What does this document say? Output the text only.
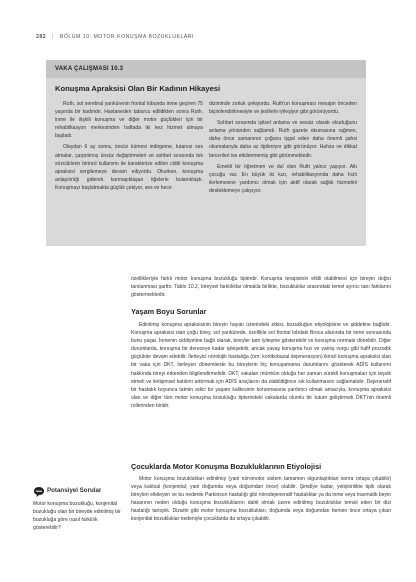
282 | BÖLÜM 10: MOTOR KONUŞMA BOZUKLUKLARI
VAKA ÇALIŞMASI 10.3
Konuşma Apraksisi Olan Bir Kadının Hikayesi

Ruth, sol serebral yarıkürenin frontal lobunda inme geçiren 75 yaşında bir kadındır. Hastaneden taburcu edildikten sonra Ruth, inme ile ilişkili konuşma ve diğer motor güçlükleri için bir rehabilitasyon merkezinden haftada iki kez hizmet almaya başladı.

Olaydan 6 ay sonra, ünsüz kümesi indirgeme, tutarsız ses atmalar, çarpıtılmış ünsüz değiştirmeleri ve sohbet sırasında tek sözcüklerin birincil kullanımı ile karakterize edilen ciddi konuşma apraksisi sergilemeye devam ediyordu. Okurken, konuşma anlaşılırlığı giderek karmaşıklaşan öğelerle bulanıklaştı. Konuşmayı başlatmakta güçlük çekiyor, ses ve hece

diziminde zorluk çekiyordu. Ruth'un konuşması mesajın önceden biçimlendirilmesiyle ve jestlerle iyileşiyor gibi görünüyordu.

Sohbet sırasında işitsel anlama ve sessiz olarak okuduğunu anlama yönünden sağlamdı. Ruth gazete okumasına rağmen, daha önce zamanının çoğunu işgal eden daha önemli şahsi okumalarıyla daha az ilgileniyor gibi görünüyor. Hafıza ve dikkat becerileri ise etkilenmemiş gibi görünmektedir.

Emekli bir öğretmen ve dul olan Ruth yalnız yaşıyor. Altı çocuğu var. En büyük iki kızı, rehabilitasyonda daha hızlı ilerlemesine yardımcı olmak için aktif olarak sağlık hizmetini desteklemeye çalışıyor.

özellikleriyle farklı motor konuşma bozukluğu tiplerdir. Konuşma terapisinin etkili olabilmesi için bireyin doğru tanılanması şarttır. Tablo 10.2, bireysel farklılıklar olmakla birlikte, bozukluklar arasındaki temel ayırıcı tanı farklarını göstermektedir.

Yaşam Boyu Sorunlar

Edinilmiş konuşma apraksisinin bireyin hayatı üzerindeki etkisi, bozukluğun etiyolojisine ve şiddetine bağlıdır. Konuşma apraksisi olan çoğu birey, sol yarıkürede, özellikle sol frontal lobdaki Broca alanında bir inme sonrasında bunu yaşar. İnmenin ciddiyetine bağlı olarak, bireyler tam iyileşme gösterebilir ve konuşma normale dönebilir. Diğer durumlarda, konuşma bir dereceye kadar iyileşebilir, ancak yavaş konuşma hızı ve yanlış vurgu gibi hafif prozodik güçlükler devam edebilir. İlerleyici nörolojik hastalığa (örn; kortikobazal dejenerasyon) ikincil konuşma apraksisi olan bir vaka için DKT, ilerleyen dönemlerde bu bireylerin hiç konuşamama durumlarını gözeterek ADİS kullanımı hakkında bireyi erkenden bilgilendirmelidir. DKT, vakaları mümkün olduğu her zaman sürekli konuşmaları için teşvik etmeli ve iletişimsel katılımı arttırmak için ADİS araçlarını da olabildiğince sık kullanmasını sağlamalıdır. Dejeneratif bir hastalık boyunca tatmin edici bir yaşam kalitesinin korunmasına yardımcı olmak amacıyla, konuşma apraksisi olan ve diğer tüm motor konuşma bozukluğu tiplerindeki vakalarda olumlu bir tutum geliştirmek DKT'nin önemli rollerinden biridir.

Çocuklarda Motor Konuşma Bozukluklarının Etiyolojisi

Motor konuşma bozuklukları edinilmiş (yani nöromotor sistem tamamen olgunlaştıktan sonra ortaya çıkabilir) veya kalıtsal (konjenital; yani doğumda veya doğumdan önce) olabilir. Şimdiye kadar, yetişkinlikte tipik olarak bireyleri etkileyen ve bu nedenle Parkinson hastalığı gibi nörodejeneratif hastalıklar ya da inme veya travmatik beyin hasarının neden olduğu konuşma bozukluklarını dahil olmak üzere edinilmiş bozukluklar temsil eden bir dizi hastalığı tartıştık. Dizartri gibi motor konuşma bozuklukları, doğumda veya doğumdan hemen önce ortaya çıkan konjenital bozukluklar nedeniyle çocuklarda da ortaya çıkabilir.

Potansiyel Sorular
Motor konuşma bozukluğu, konjenital bozukluğu olan bir bireyde edinilmiş bir bozukluğa göre nasıl farklılık gösterebilir?
